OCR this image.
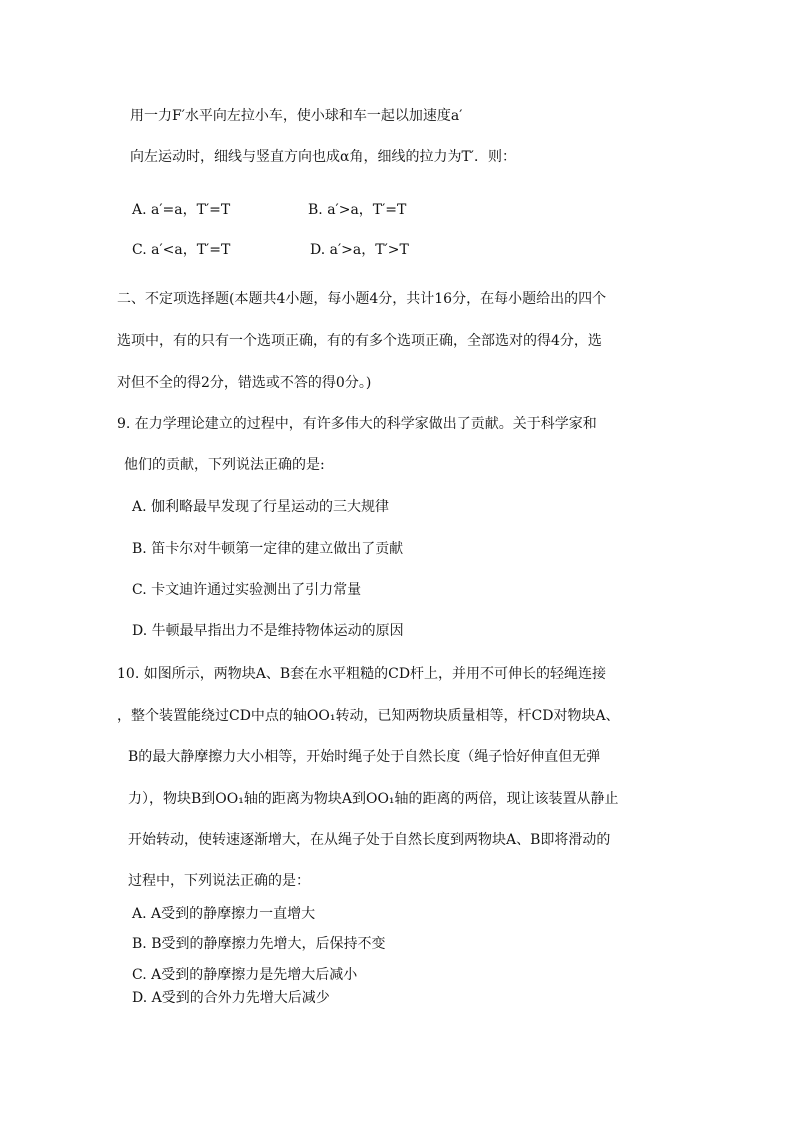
用一力F′水平向左拉小车，使小球和车一起以加速度a′
向左运动时，细线与竖直方向也成α角，细线的拉力为T′．则：
A. a′=a，T′=T	B. a′>a，T′=T
C. a′<a，T′=T	D. a′>a，T′>T
二、不定项选择题(本题共4小题，每小题4分，共计16分，在每小题给出的四个
选项中，有的只有一个选项正确，有的有多个选项正确，全部选对的得4分，选
对但不全的得2分，错选或不答的得0分。)
9. 在力学理论建立的过程中，有许多伟大的科学家做出了贡献。关于科学家和
他们的贡献，下列说法正确的是:
A. 伽利略最早发现了行星运动的三大规律
B. 笛卡尔对牛顿第一定律的建立做出了贡献
C. 卡文迪许通过实验测出了引力常量
D. 牛顿最早指出力不是维持物体运动的原因
10. 如图所示，两物块A、B套在水平粗糙的CD杆上，并用不可伸长的轻绳连接
，整个装置能绕过CD中点的轴OO₁转动，已知两物块质量相等，杆CD对物块A、
B的最大静摩擦力大小相等，开始时绳子处于自然长度（绳子恰好伸直但无弹
力），物块B到OO₁轴的距离为物块A到OO₁轴的距离的两倍，现让该装置从静止
开始转动，使转速逐渐增大，在从绳子处于自然长度到两物块A、B即将滑动的
过程中，下列说法正确的是：
A. A受到的静摩擦力一直增大
B. B受到的静摩擦力先增大，后保持不变
C. A受到的静摩擦力是先增大后减小
D. A受到的合外力先增大后减少
